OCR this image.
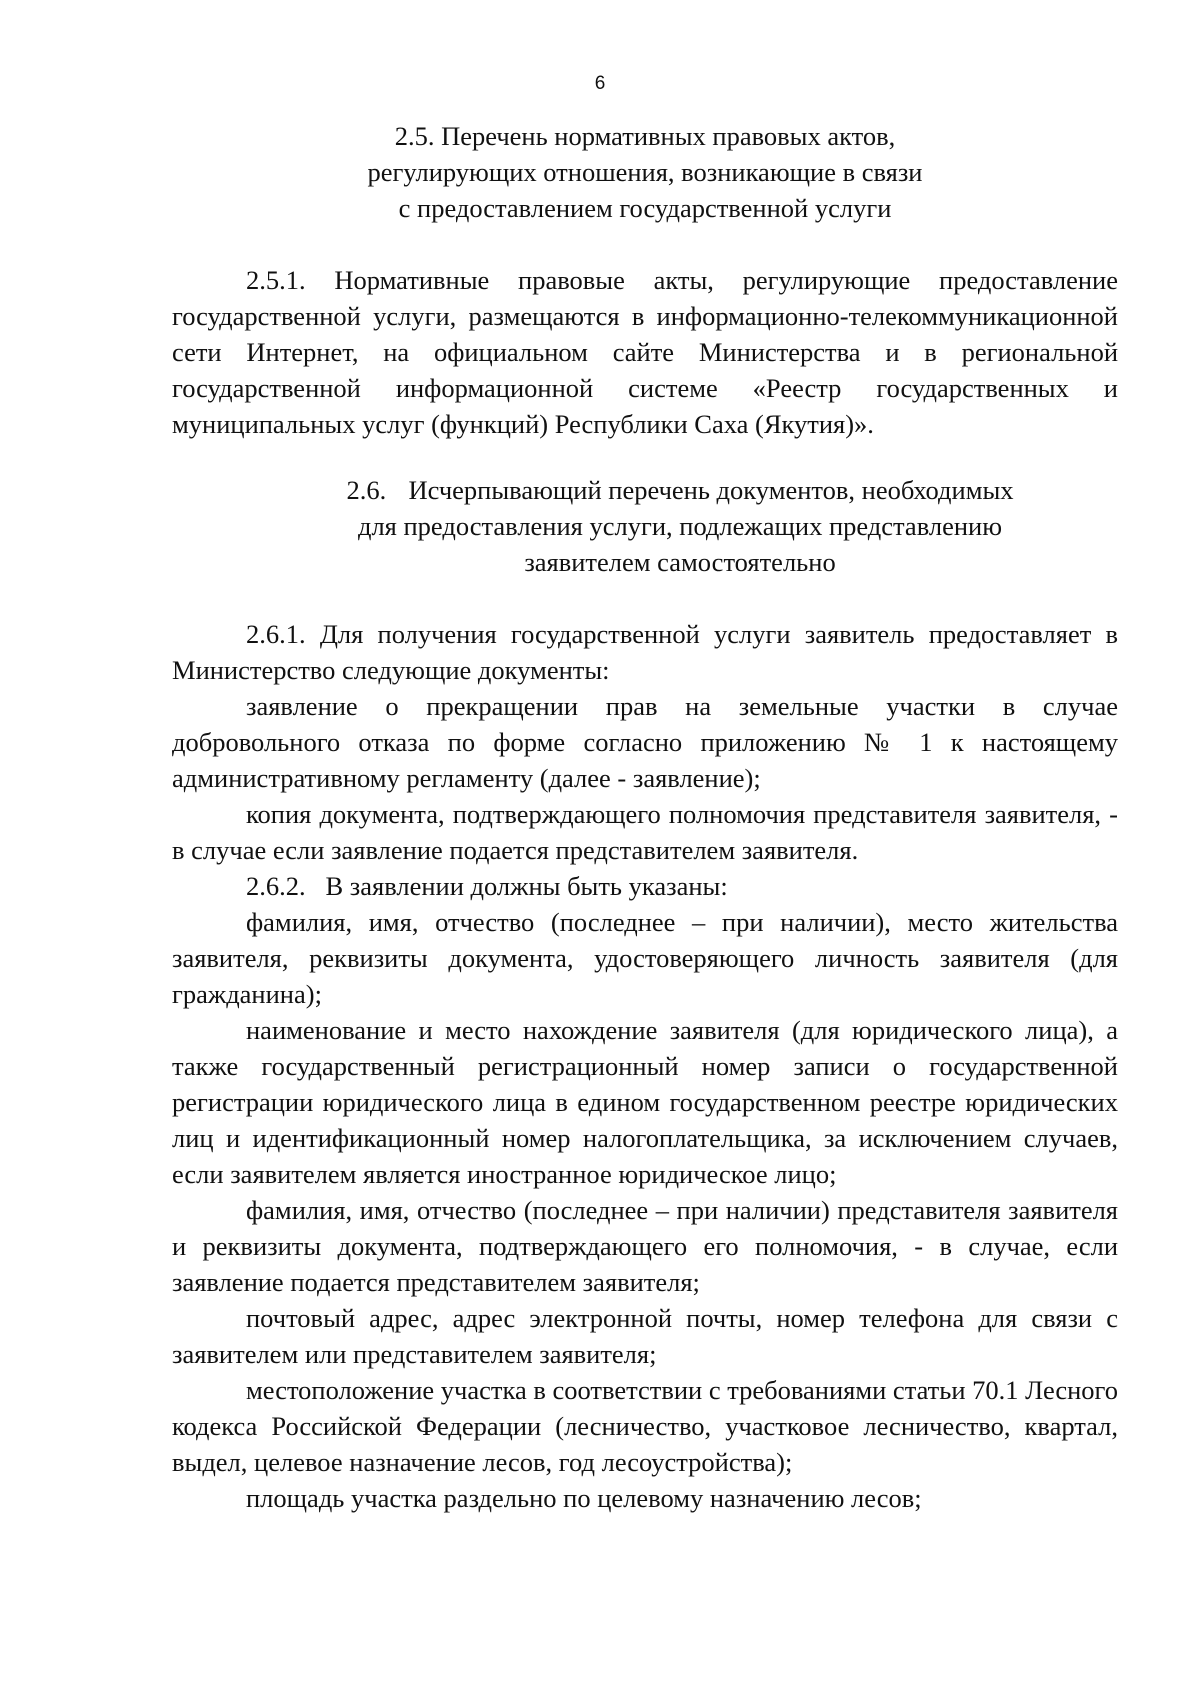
6
2.5. Перечень нормативных правовых актов,
регулирующих отношения, возникающие в связи
с предоставлением государственной услуги

2.5.1. Нормативные правовые акты, регулирующие предоставление государственной услуги, размещаются в информационно-телекоммуникационной сети Интернет, на официальном сайте Министерства и в региональной государственной информационной системе «Реестр государственных и муниципальных услуг (функций) Республики Саха (Якутия)».

2.6. Исчерпывающий перечень документов, необходимых
для предоставления услуги, подлежащих представлению
заявителем самостоятельно

2.6.1. Для получения государственной услуги заявитель предоставляет в Министерство следующие документы:

заявление о прекращении прав на земельные участки в случае добровольного отказа по форме согласно приложению № 1 к настоящему административному регламенту (далее - заявление);

копия документа, подтверждающего полномочия представителя заявителя, - в случае если заявление подается представителем заявителя.

2.6.2.   В заявлении должны быть указаны:

фамилия, имя, отчество (последнее – при наличии), место жительства заявителя, реквизиты документа, удостоверяющего личность заявителя (для гражданина);

наименование и место нахождение заявителя (для юридического лица), а также государственный регистрационный номер записи о государственной регистрации юридического лица в едином государственном реестре юридических лиц и идентификационный номер налогоплательщика, за исключением случаев, если заявителем является иностранное юридическое лицо;

фамилия, имя, отчество (последнее – при наличии) представителя заявителя и реквизиты документа, подтверждающего его полномочия, - в случае, если заявление подается представителем заявителя;

почтовый адрес, адрес электронной почты, номер телефона для связи с заявителем или представителем заявителя;

местоположение участка в соответствии с требованиями статьи 70.1 Лесного кодекса Российской Федерации (лесничество, участковое лесничество, квартал, выдел, целевое назначение лесов, год лесоустройства);

площадь участка раздельно по целевому назначению лесов;
